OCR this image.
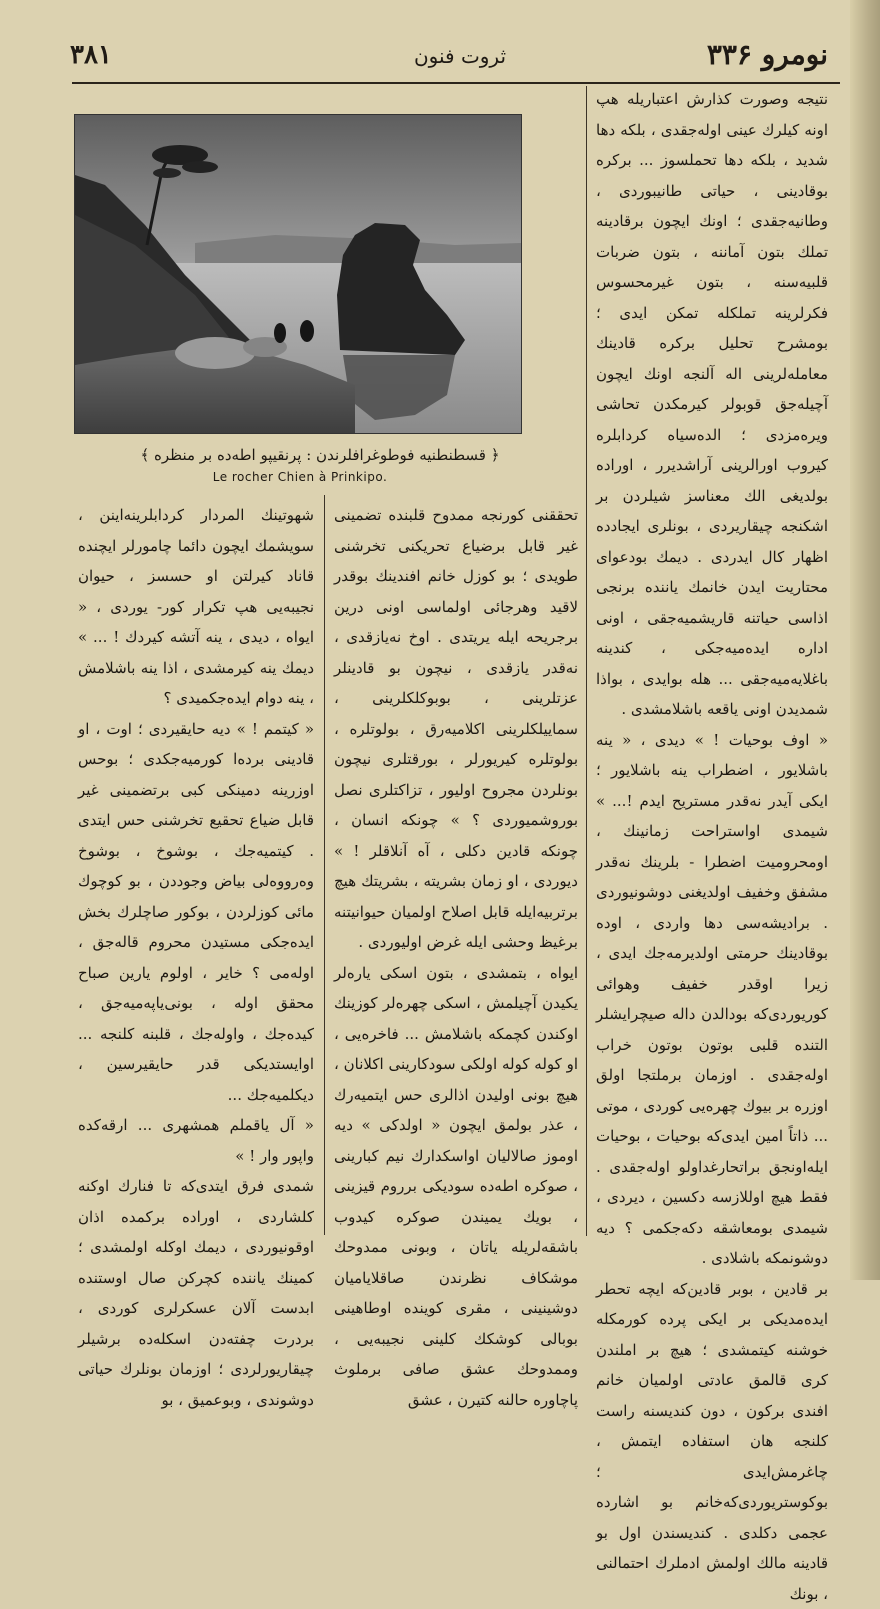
۳۸۱	ثروت فنون	نومرو ۳۳۶
﴿ قسطنطنیه فوطوغرافلرندن : پرنقیپو اطه‌ده بر منظره ﴾
Le rocher Chien à Prinkipo.

نتیجه وصورت کذارش اعتباریله هپ اونه کیلرك عینی اوله‌جقدی ، بلکه دها شدید ، بلکه دها تحملسوز ... برکره بوقادینی ، حیاتی طانیبوردی ، وطانیه‌جقدی ؛ اونك ایچون برقادینه تملك بتون آماننه ، بتون ضربات قلبیه‌سنه ، بتون غیرمحسوس فکرلرینه تملکله تمکن ایدی ؛ بومشرح تحلیل برکره قادینك معامله‌لرینی اله آلنجه اونك ایچون آچیله‌جق قوبولر کیرمکدن تحاشی ویره‌مزدی ؛ الده‌سیاه کردابلره کیروب اورالرینی آراشدیرر ، اوراده بولدیغی الك معناسز شیلردن بر اشکنجه چیقاریردی ، بونلری ایجادده اظهار کال ایدردی . دیمك بودعوای محتاریت ایدن خانمك یاننده برنجی اذاسی حیاتنه قاریشمیه‌جقی ، اونی اداره ایده‌میه‌جکی ، کندینه باغلایه‌میه‌جقی ... هله بوایدی ، بواذا شمدیدن اونی یاقعه باشلامشدی .

« اوف بوحیات ! » دیدی ، « ینه باشلایور ، اضطراب ینه باشلایور ؛ ایکی آیدر نه‌قدر مستریح ایدم !... » شیمدی اواستراحت زمانینك ، اومحرومیت اضطرا - بلرینك نه‌قدر مشفق وخفیف اولدیغنی دوشونیوردی . برادیشه‌سی دها واردی ، اوده بوقادینك حرمتی اولدیرمه‌جك ایدی ، زیرا اوقدر خفیف وهوائی کوریوردی‌که بودالدن داله صیچرایشلر التنده قلبی بوتون بوتون خراب اوله‌جقدی . اوزمان برملتجا اولق اوزره بر بیوك چهره‌یی کوردی ، موتی ... ذاتاً امین ایدی‌که بوحیات ، بوحیات ایله‌اونجق براتحارغداولو اوله‌جقدی . فقط هیچ اوللازسه دکسین ، دیردی ، شیمدی بومعاشقه دکه‌جکمی ؟ دیه دوشونمکه باشلادی .

بر قادین ، بوبر قادین‌که ایچه تحطر ایده‌مدیکی بر ایکی پرده کورمکله خوشنه کیتمشدی ؛ هیچ بر املندن کری قالمق عادتی اولمیان خانم افندی برکون ، دون کندیسنه راست کلنجه هان استفاده ایتمش ، چاغرمش‌ایدی ؛ بوکوستریوردی‌که‌خانم بو اشارده عجمی دکلدی . کندیسندن اول بو قادینه مالك اولمش ادملرك احتمالنی ، بونك

تحققنی کورنجه ممدوح قلبنده تضمینی غیر قابل برضیاع تحریکنی تخرشنی طویدی ؛ بو کوزل خانم افندینك بوقدر لاقید وهرجائی اولماسی اونی درین برجریحه ایله یریتدی . اوخ نه‌یازقدی ، نه‌قدر یازقدی ، نیچون بو قادینلر عزتلرینی ، بوبوکلکلرینی ، سماییلکلرینی اکلامیه‌رق ، بولوتلره ، بولوتلره کیریورلر ، بورقتلری نیچون بونلردن مجروح اولیور ، تزاکتلری نصل بوروشمیوردی ؟ » چونکه انسان ، چونکه قادین دکلی ، آه آنلاقلر ! » دیوردی ، او زمان بشریته ، بشریتك هیچ برتربیه‌ایله قابل اصلاح اولمیان حیوانیتنه برغیظ وحشی ایله غرض اولیوردی .

ایواه ، بتمشدی ، بتون اسکی یاره‌لر یکیدن آچیلمش ، اسکی چهره‌لر کوزینك اوکندن کچمکه باشلامش ... فاخره‌یی ، او کوله کوله اولکی سودکارینی اکلانان ، هیچ بونی اولیدن اذالری حس ایتمیه‌رك ، عذر بولمق ایچون « اولدکی » دیه اوموز صالالیان اواسکدارك نیم کبارینی ، صوکره اطه‌ده سودیکی برروم قیزینی ، بویك یمیندن صوکره کیدوب باشقه‌لریله یاتان ، وبونی ممدوحك موشکاف نظرندن صاقلایامیان دوشینینی ، مقری کوینده اوطاهینی بوبالی کوشکك کلینی نجیبه‌یی ، وممدوحك عشق صافی برملوث پاچاوره حالنه کتیرن ، عشق

شهوتینك المردار کردابلرینه‌اینن ، سویشمك ایچون دائما چامورلر ایچنده قاناد کیرلتن او حسسز ، حیوان نجیبه‌یی هپ تکرار کور- یوردی ، « ایواه ، دیدی ، ینه آتشه کیردك ! ... » دیمك ینه کیرمشدی ، اذا ینه باشلامش ، ینه دوام ایده‌جکمیدی ؟

« کیتمم ! » دیه حایقیردی ؛ اوت ، او قادینی برده‌ا کورمیه‌جکدی ؛ بوحس اوزرینه دمینکی کبی برتضمینی غیر قابل ضیاع تحقیع تخرشنی حس ایتدی . کیتمیه‌جك ، بوشوخ ، بوشوخ وه‌رووه‌لی بیاض وجوددن ، بو کوچوك مائی کوزلردن ، بوکور صاچلرك بخش ایده‌جکی مستیدن محروم قاله‌جق ، اوله‌می ؟ خایر ، اولوم یارین صباح محقق اوله ، بونی‌یاپه‌میه‌جق ، کیده‌جك ، واوله‌جك ، قلبنه کلنجه ... اوایستدیکی قدر حایقیرسین ، دیکلمیه‌جك ...

« آل یاقملم همشهری ... ارقه‌کده واپور وار ! »

شمدی فرق ایتدی‌که تا فنارك اوکنه کلشاردی ، اوراده برکمده اذان اوقونیوردی ، دیمك اوکله اولمشدی ؛ کمینك یاننده کچرکن صال اوستنده ابدست آلان عسکرلری کوردی ، بردرت چفته‌دن اسکله‌ده برشیلر چیقاریورلردی ؛ اوزمان بونلرك حیاتی دوشوندی ، وبوعمیق ، بو
